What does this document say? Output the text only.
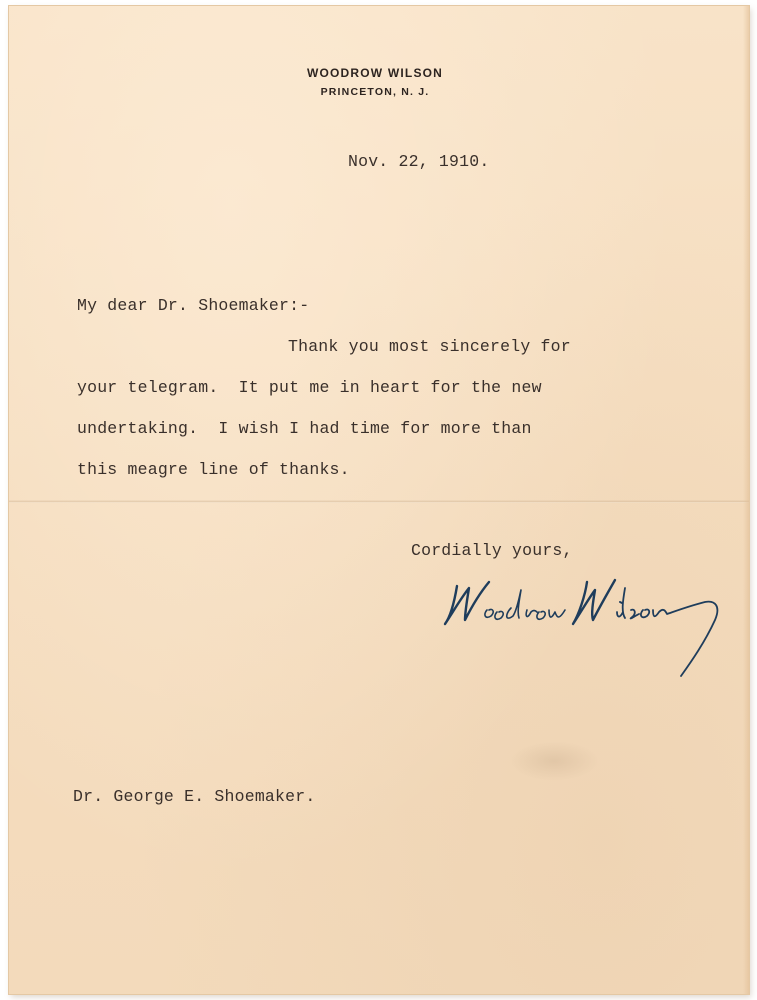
WOODROW WILSON
PRINCETON, N. J.
Nov. 22, 1910.
My dear Dr. Shoemaker:-
Thank you most sincerely for
your telegram.  It put me in heart for the new
undertaking.  I wish I had time for more than
this meagre line of thanks.
Cordially yours,
Dr. George E. Shoemaker.
